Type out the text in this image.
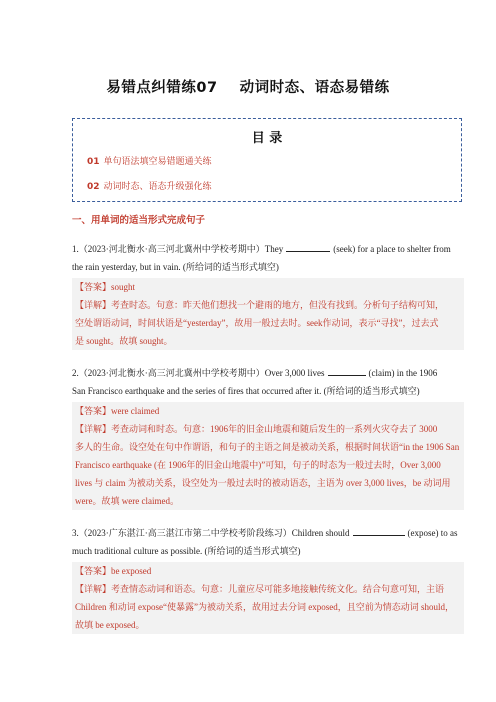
易错点纠错练07 动词时态、语态易错练
目 录
01 单句语法填空易错题通关练
02 动词时态、语态升级强化练
一、用单词的适当形式完成句子
1.（2023·河北衡水·高三河北冀州中学校考期中）They	(seek) for a place to shelter from
the rain yesterday, but in vain. (所给词的适当形式填空)
【答案】sought
【详解】考查时态。句意：昨天他们想找一个避雨的地方，但没有找到。分析句子结构可知，
空处谓语动词，时间状语是“yesterday”，故用一般过去时。seek作动词，表示“寻找”，过去式
是 sought。故填 sought。
2.（2023·河北衡水·高三河北冀州中学校考期中）Over 3,000 lives	(claim) in the 1906
San Francisco earthquake and the series of fires that occurred after it. (所给词的适当形式填空)
【答案】were claimed
【详解】考查动词和时态。句意：1906年的旧金山地震和随后发生的一系列火灾夺去了 3000
多人的生命。设空处在句中作谓语，和句子的主语之间是被动关系，根据时间状语“in the 1906 San
Francisco earthquake (在 1906年的旧金山地震中)”可知，句子的时态为一般过去时，Over 3,000
lives 与 claim 为被动关系，设空处为一般过去时的被动语态，主语为 over 3,000 lives，be 动词用
were。故填 were claimed。
3.（2023·广东湛江·高三湛江市第二中学校考阶段练习）Children should	(expose) to as
much traditional culture as possible. (所给词的适当形式填空)
【答案】be exposed
【详解】考查情态动词和语态。句意：儿童应尽可能多地接触传统文化。结合句意可知，主语
Children 和动词 expose“使暴露”为被动关系，故用过去分词 exposed，且空前为情态动词 should，
故填 be exposed。
